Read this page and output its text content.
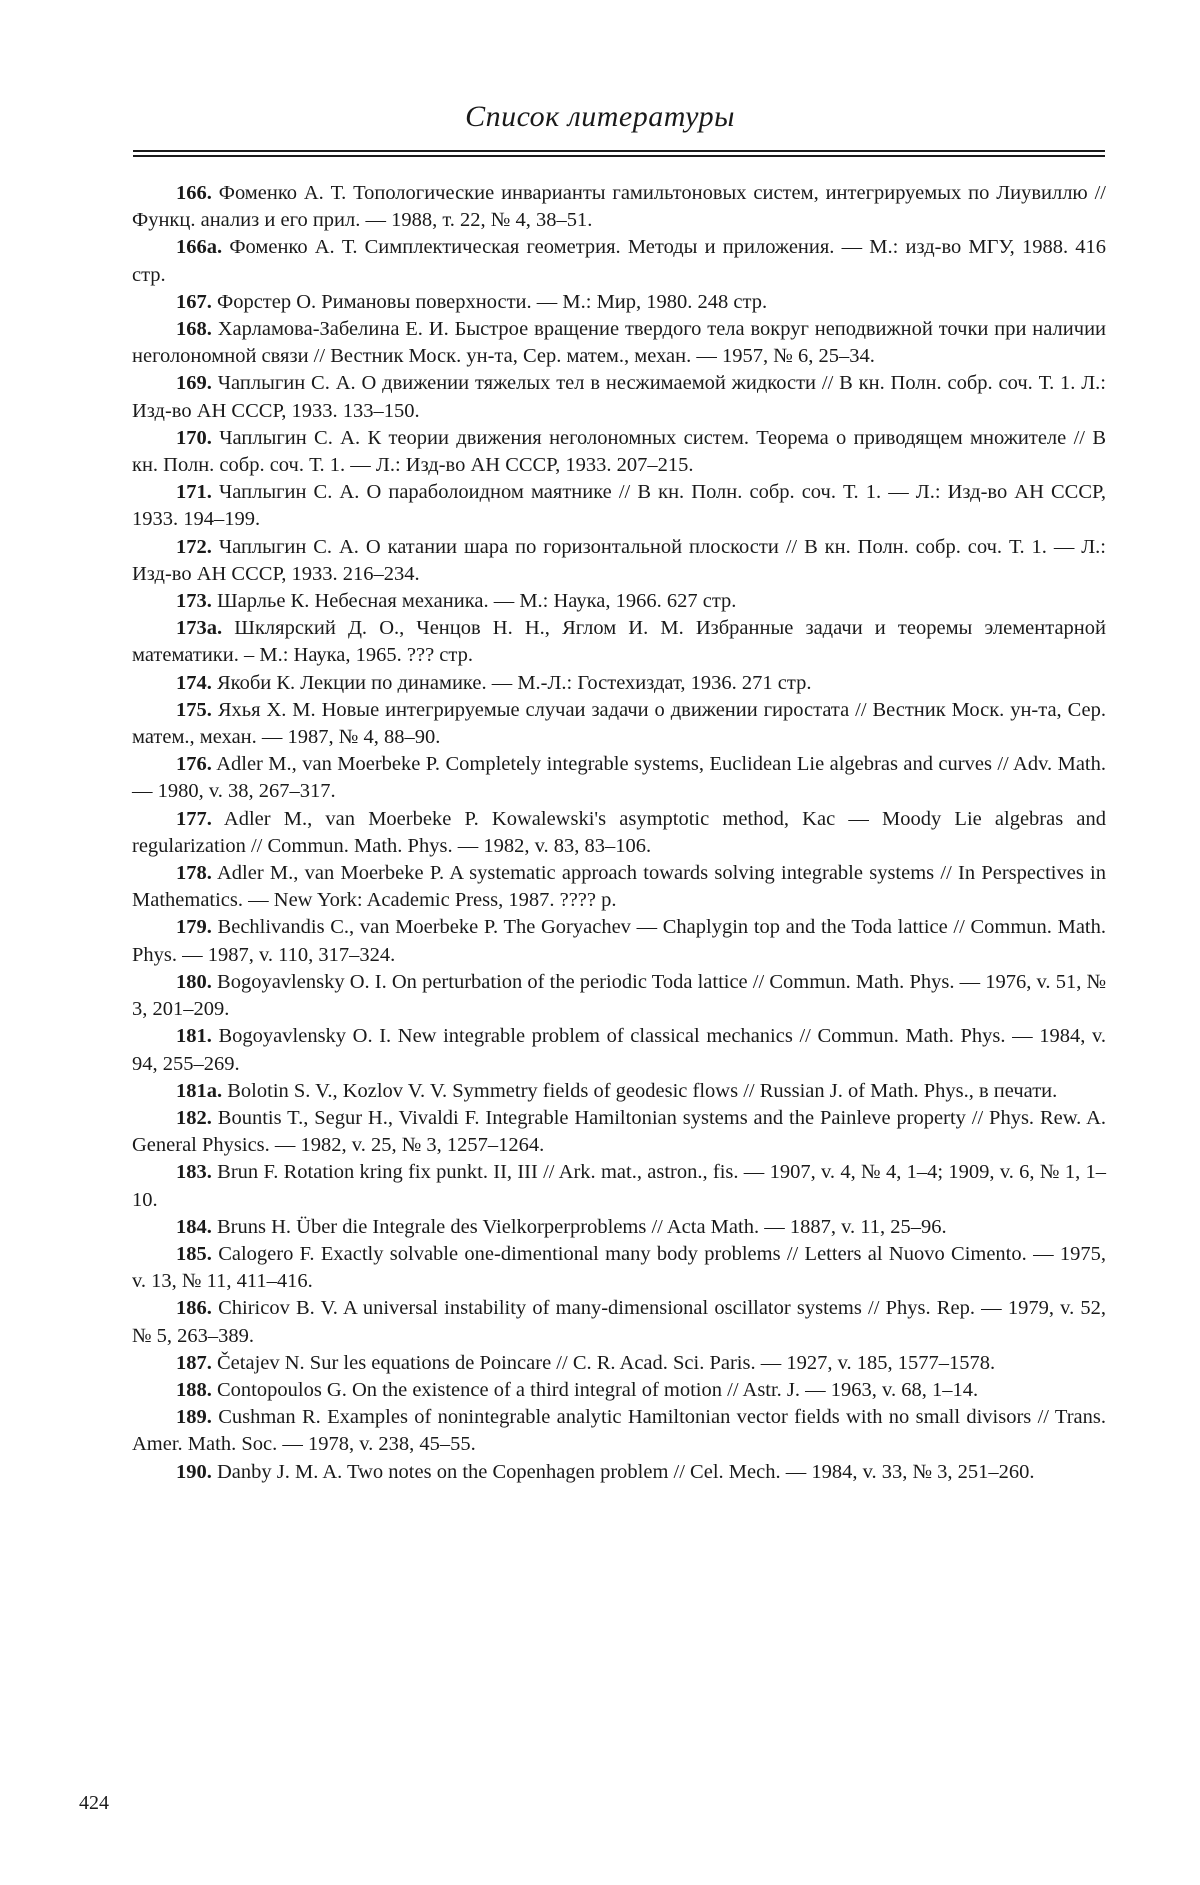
Список литературы
166. Фоменко А. Т. Топологические инварианты гамильтоновых систем, интегрируемых по Лиувиллю // Функц. анализ и его прил. — 1988, т. 22, № 4, 38–51.
166а. Фоменко А. Т. Симплектическая геометрия. Методы и приложения. — М.: изд-во МГУ, 1988. 416 стр.
167. Форстер О. Римановы поверхности. — М.: Мир, 1980. 248 стр.
168. Харламова-Забелина Е. И. Быстрое вращение твердого тела вокруг неподвижной точки при наличии неголономной связи // Вестник Моск. ун-та, Сер. матем., механ. — 1957, № 6, 25–34.
169. Чаплыгин С. А. О движении тяжелых тел в несжимаемой жидкости // В кн. Полн. собр. соч. Т. 1. Л.: Изд-во АН СССР, 1933. 133–150.
170. Чаплыгин С. А. К теории движения неголономных систем. Теорема о приводящем множителе // В кн. Полн. собр. соч. Т. 1. — Л.: Изд-во АН СССР, 1933. 207–215.
171. Чаплыгин С. А. О параболоидном маятнике // В кн. Полн. собр. соч. Т. 1. — Л.: Изд-во АН СССР, 1933. 194–199.
172. Чаплыгин С. А. О катании шара по горизонтальной плоскости // В кн. Полн. собр. соч. Т. 1. — Л.: Изд-во АН СССР, 1933. 216–234.
173. Шарлье К. Небесная механика. — М.: Наука, 1966. 627 стр.
173а. Шклярский Д. О., Ченцов Н. Н., Яглом И. М. Избранные задачи и теоремы элементарной математики. – М.: Наука, 1965. ??? стр.
174. Якоби К. Лекции по динамике. — М.-Л.: Гостехиздат, 1936. 271 стр.
175. Яхья Х. М. Новые интегрируемые случаи задачи о движении гиростата // Вестник Моск. ун-та, Сер. матем., механ. — 1987, № 4, 88–90.
176. Adler M., van Moerbeke P. Completely integrable systems, Euclidean Lie algebras and curves // Adv. Math. — 1980, v. 38, 267–317.
177. Adler M., van Moerbeke P. Kowalewski's asymptotic method, Kac — Moody Lie algebras and regularization // Commun. Math. Phys. — 1982, v. 83, 83–106.
178. Adler M., van Moerbeke P. A systematic approach towards solving integrable systems // In Perspectives in Mathematics. — New York: Academic Press, 1987. ???? p.
179. Bechlivandis C., van Moerbeke P. The Goryachev — Chaplygin top and the Toda lattice // Commun. Math. Phys. — 1987, v. 110, 317–324.
180. Bogoyavlensky O. I. On perturbation of the periodic Toda lattice // Commun. Math. Phys. — 1976, v. 51, № 3, 201–209.
181. Bogoyavlensky O. I. New integrable problem of classical mechanics // Commun. Math. Phys. — 1984, v. 94, 255–269.
181а. Bolotin S. V., Kozlov V. V. Symmetry fields of geodesic flows // Russian J. of Math. Phys., в печати.
182. Bountis T., Segur H., Vivaldi F. Integrable Hamiltonian systems and the Painleve property // Phys. Rew. A. General Physics. — 1982, v. 25, № 3, 1257–1264.
183. Brun F. Rotation kring fix punkt. II, III // Ark. mat., astron., fis. — 1907, v. 4, № 4, 1–4; 1909, v. 6, № 1, 1–10.
184. Bruns H. Über die Integrale des Vielkorperproblems // Acta Math. — 1887, v. 11, 25–96.
185. Calogero F. Exactly solvable one-dimentional many body problems // Letters al Nuovo Cimento. — 1975, v. 13, № 11, 411–416.
186. Chiricov B. V. A universal instability of many-dimensional oscillator systems // Phys. Rep. — 1979, v. 52, № 5, 263–389.
187. Četajev N. Sur les equations de Poincare // C. R. Acad. Sci. Paris. — 1927, v. 185, 1577–1578.
188. Contopoulos G. On the existence of a third integral of motion // Astr. J. — 1963, v. 68, 1–14.
189. Cushman R. Examples of nonintegrable analytic Hamiltonian vector fields with no small divisors // Trans. Amer. Math. Soc. — 1978, v. 238, 45–55.
190. Danby J. M. A. Two notes on the Copenhagen problem // Cel. Mech. — 1984, v. 33, № 3, 251–260.
424
